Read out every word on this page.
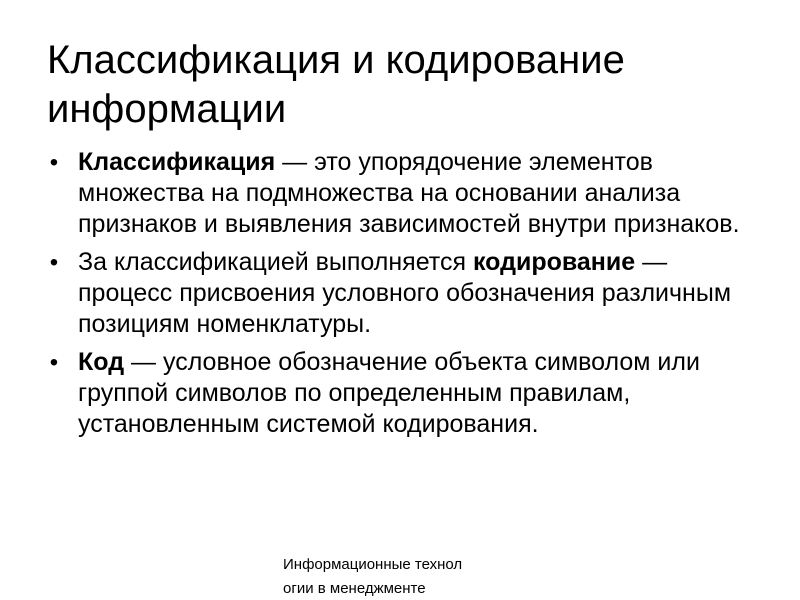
Классификация и кодирование информации
• Классификация — это упорядочение элементов множества на подмножества на основании анализа признаков и выявления зависимостей внутри признаков.
• За классификацией выполняется кодирование — процесс присвоения условного обозначения различным позициям номенклатуры.
• Код — условное обозначение объекта символом или группой символов по определенным правилам, установленным системой кодирования.
Информационные технол
огии в менеджменте
